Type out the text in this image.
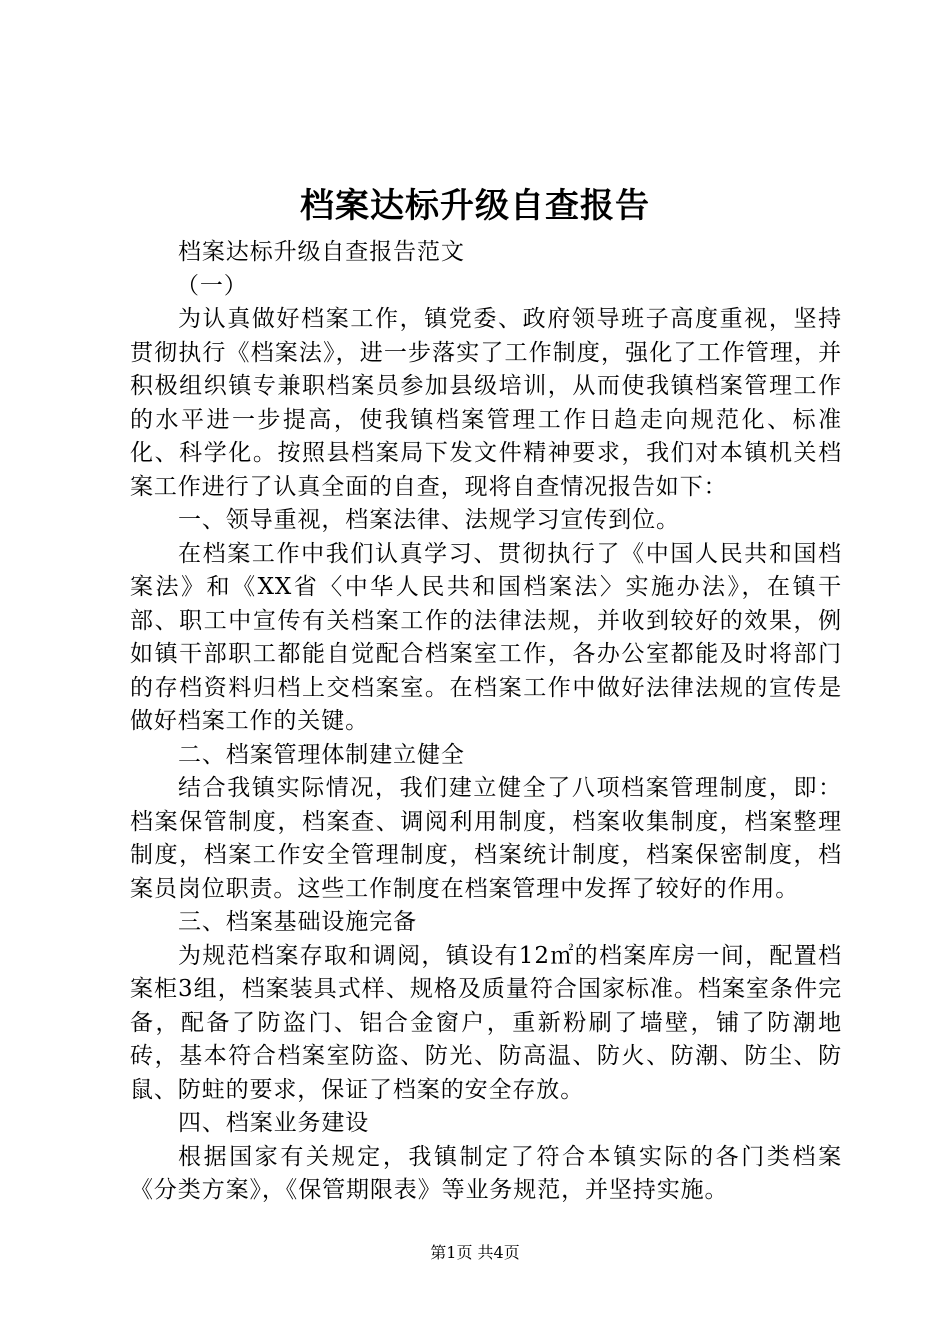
档案达标升级自查报告

档案达标升级自查报告范文

（一）

为认真做好档案工作，镇党委、政府领导班子高度重视，坚持贯彻执行《档案法》，进一步落实了工作制度，强化了工作管理，并积极组织镇专兼职档案员参加县级培训，从而使我镇档案管理工作的水平进一步提高，使我镇档案管理工作日趋走向规范化、标准化、科学化。按照县档案局下发文件精神要求，我们对本镇机关档案工作进行了认真全面的自查，现将自查情况报告如下：

一、领导重视，档案法律、法规学习宣传到位。

在档案工作中我们认真学习、贯彻执行了《中国人民共和国档案法》和《XX省〈中华人民共和国档案法〉实施办法》，在镇干部、职工中宣传有关档案工作的法律法规，并收到较好的效果，例如镇干部职工都能自觉配合档案室工作，各办公室都能及时将部门的存档资料归档上交档案室。在档案工作中做好法律法规的宣传是做好档案工作的关键。

二、档案管理体制建立健全

结合我镇实际情况，我们建立健全了八项档案管理制度，即：档案保管制度，档案查、调阅利用制度，档案收集制度，档案整理制度，档案工作安全管理制度，档案统计制度，档案保密制度，档案员岗位职责。这些工作制度在档案管理中发挥了较好的作用。

三、档案基础设施完备

为规范档案存取和调阅，镇设有12㎡的档案库房一间，配置档案柜3组，档案装具式样、规格及质量符合国家标准。档案室条件完备，配备了防盗门、铝合金窗户，重新粉刷了墙壁，铺了防潮地砖，基本符合档案室防盗、防光、防高温、防火、防潮、防尘、防鼠、防蛀的要求，保证了档案的安全存放。

四、档案业务建设

根据国家有关规定，我镇制定了符合本镇实际的各门类档案《分类方案》，《保管期限表》等业务规范，并坚持实施。

第1页 共4页
